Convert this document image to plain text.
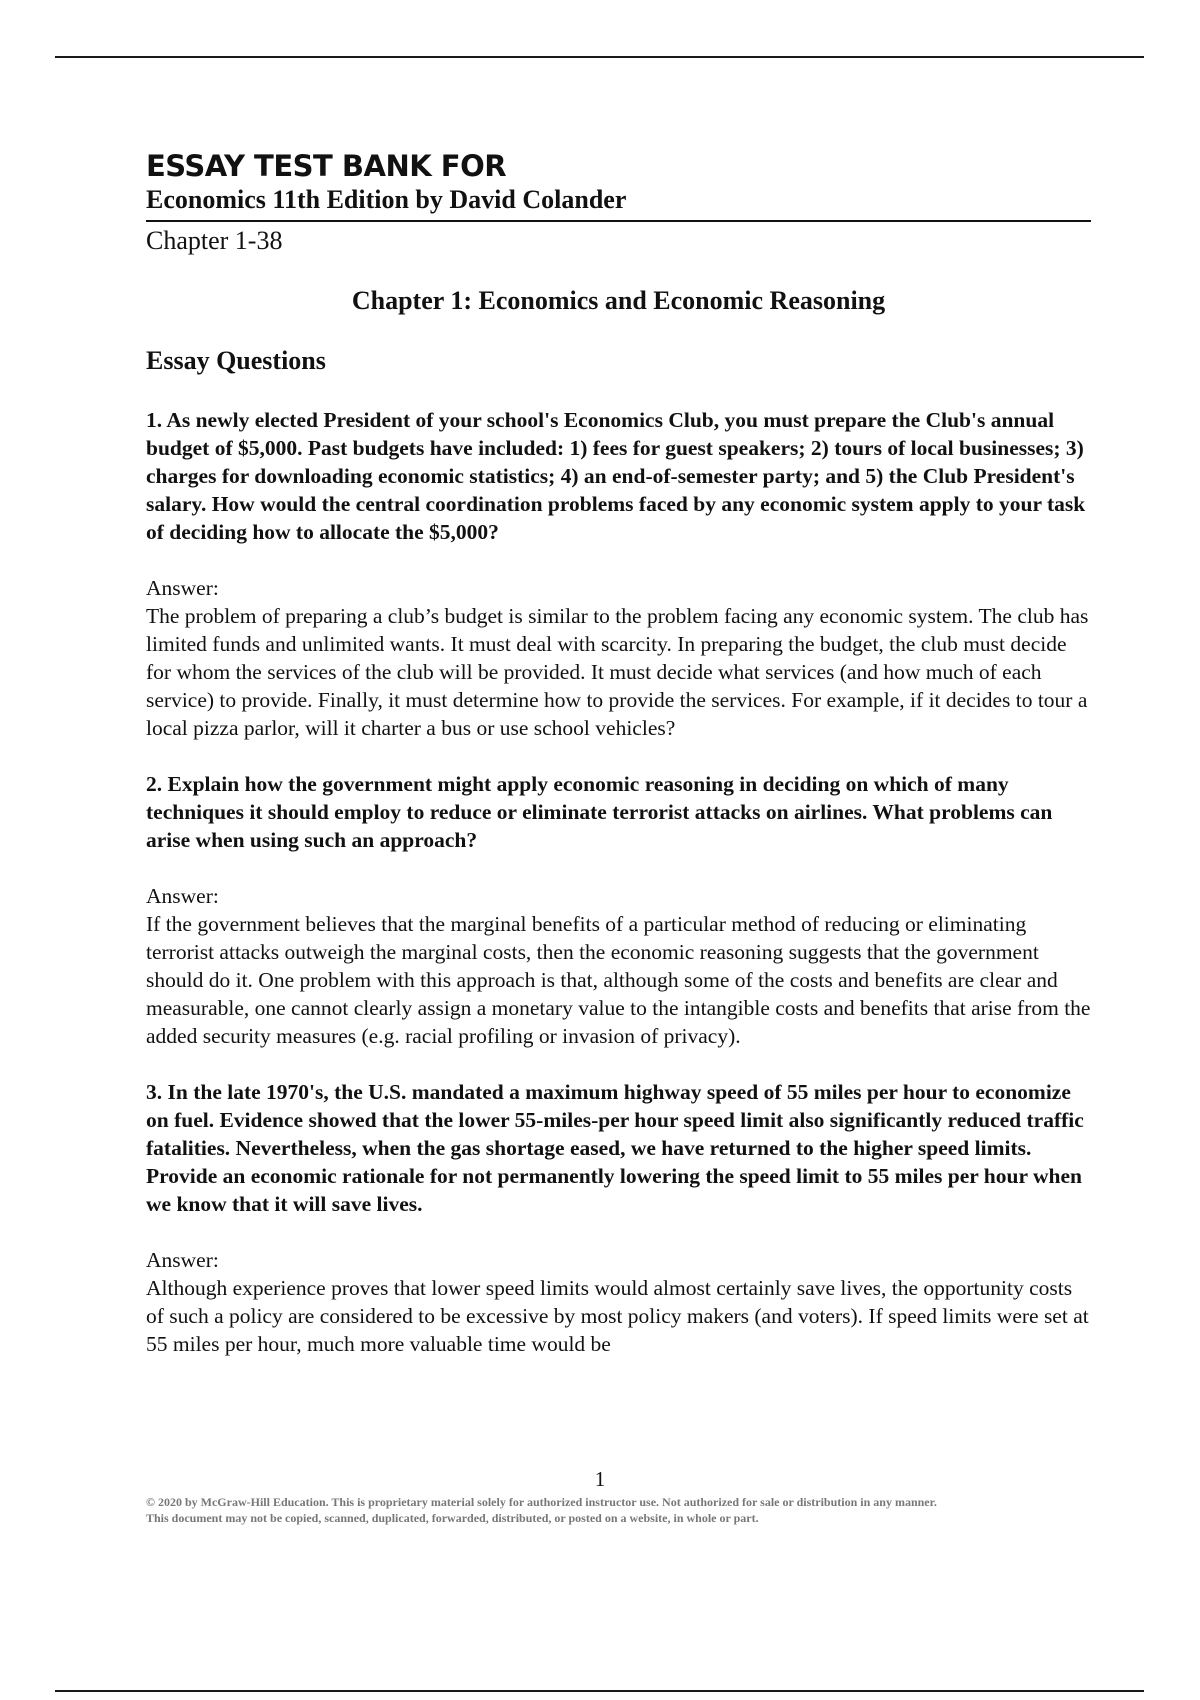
ESSAY TEST BANK FOR
Economics 11th Edition by David Colander
Chapter 1-38
Chapter 1: Economics and Economic Reasoning
Essay Questions

1. As newly elected President of your school's Economics Club, you must prepare the Club's annual budget of $5,000. Past budgets have included: 1) fees for guest speakers; 2) tours of local businesses; 3) charges for downloading economic statistics; 4) an end-of-semester party; and 5) the Club President's salary. How would the central coordination problems faced by any economic system apply to your task of deciding how to allocate the $5,000?

Answer:

The problem of preparing a club’s budget is similar to the problem facing any economic system. The club has limited funds and unlimited wants. It must deal with scarcity. In preparing the budget, the club must decide for whom the services of the club will be provided. It must decide what services (and how much of each service) to provide. Finally, it must determine how to provide the services. For example, if it decides to tour a local pizza parlor, will it charter a bus or use school vehicles?

2. Explain how the government might apply economic reasoning in deciding on which of many techniques it should employ to reduce or eliminate terrorist attacks on airlines. What problems can arise when using such an approach?

Answer:

If the government believes that the marginal benefits of a particular method of reducing or eliminating terrorist attacks outweigh the marginal costs, then the economic reasoning suggests that the government should do it. One problem with this approach is that, although some of the costs and benefits are clear and measurable, one cannot clearly assign a monetary value to the intangible costs and benefits that arise from the added security measures (e.g. racial profiling or invasion of privacy).

3. In the late 1970's, the U.S. mandated a maximum highway speed of 55 miles per hour to economize on fuel. Evidence showed that the lower 55-miles-per hour speed limit also significantly reduced traffic fatalities. Nevertheless, when the gas shortage eased, we have returned to the higher speed limits. Provide an economic rationale for not permanently lowering the speed limit to 55 miles per hour when we know that it will save lives.

Answer:

Although experience proves that lower speed limits would almost certainly save lives, the opportunity costs of such a policy are considered to be excessive by most policy makers (and voters). If speed limits were set at 55 miles per hour, much more valuable time would be

1
© 2020 by McGraw-Hill Education. This is proprietary material solely for authorized instructor use. Not authorized for sale or distribution in any manner.
This document may not be copied, scanned, duplicated, forwarded, distributed, or posted on a website, in whole or part.
